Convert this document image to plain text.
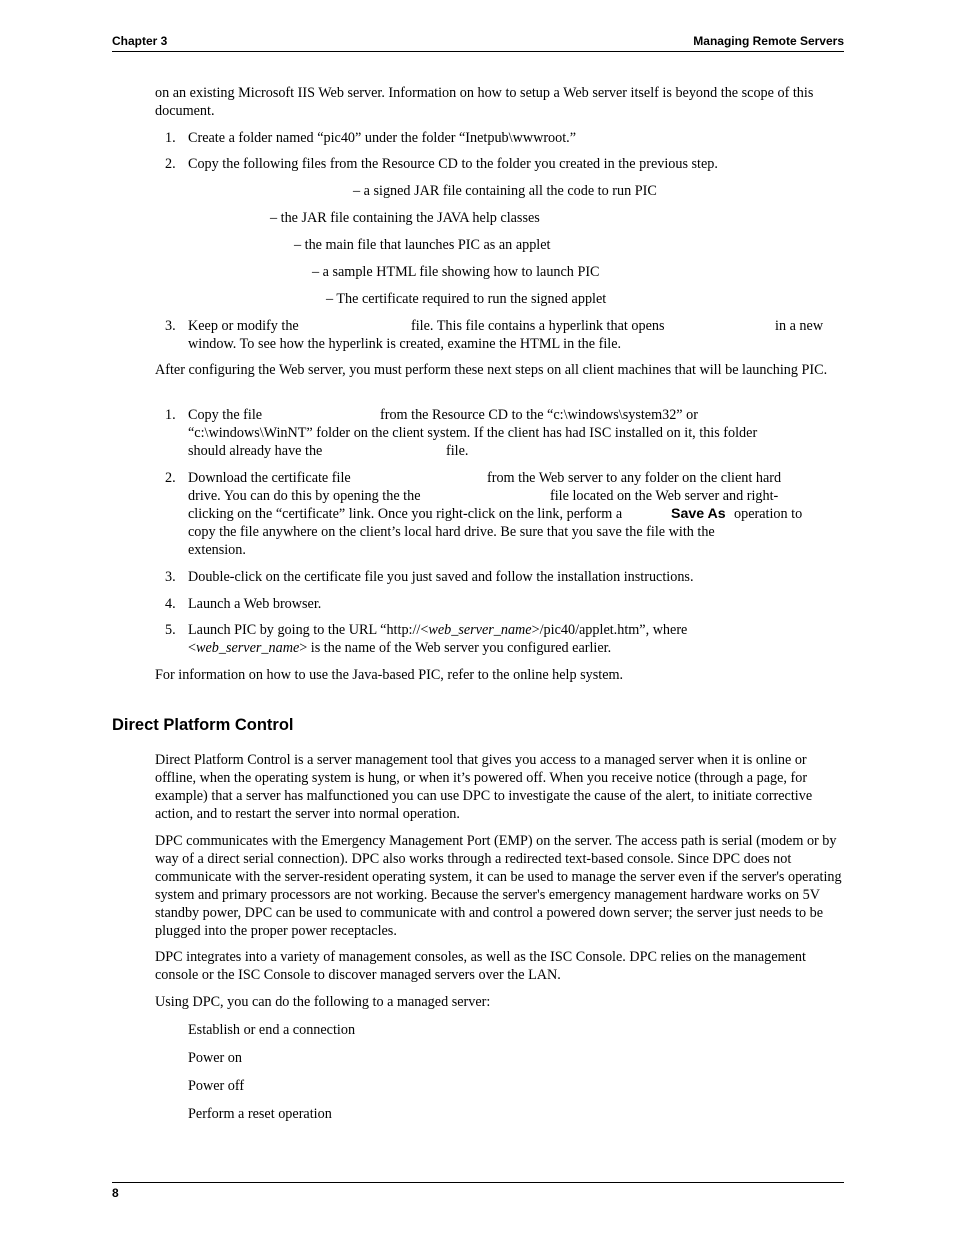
Chapter 3	Managing Remote Servers

on an existing Microsoft IIS Web server. Information on how to setup a Web server itself is beyond the scope of this document.

1. Create a folder named “pic40” under the folder “Inetpub\wwwroot.”

2. Copy the following files from the Resource CD to the folder you created in the previous step.

– a signed JAR file containing all the code to run PIC
– the JAR file containing the JAVA help classes
– the main file that launches PIC as an applet
– a sample HTML file showing how to launch PIC
– The certificate required to run the signed applet
3. Keep or modify the	file. This file contains a hyperlink that opens	in a new
window. To see how the hyperlink is created, examine the HTML in the file.

After configuring the Web server, you must perform these next steps on all client machines that will be launching PIC.

1. Copy the file	from the Resource CD to the “c:\windows\system32” or
“c:\windows\WinNT” folder on the client system. If the client has had ISC installed on it, this folder
should already have the	file.
2. Download the certificate file	from the Web server to any folder on the client hard
drive. You can do this by opening the the	file located on the Web server and right-
clicking on the “certificate” link. Once you right-click on the link, perform a	Save As operation to
copy the file anywhere on the client’s local hard drive. Be sure that you save the file with the
extension.
3. Double-click on the certificate file you just saved and follow the installation instructions.

4. Launch a Web browser.

5. Launch PIC by going to the URL “http://<web_server_name>/pic40/applet.htm”, where
<web_server_name> is the name of the Web server you configured earlier.

For information on how to use the Java-based PIC, refer to the online help system.

Direct Platform Control

Direct Platform Control is a server management tool that gives you access to a managed server when it is online or offline, when the operating system is hung, or when it’s powered off. When you receive notice (through a page, for example) that a server has malfunctioned you can use DPC to investigate the cause of the alert, to initiate corrective action, and to restart the server into normal operation.

DPC communicates with the Emergency Management Port (EMP) on the server. The access path is serial (modem or by way of a direct serial connection). DPC also works through a redirected text-based console. Since DPC does not communicate with the server-resident operating system, it can be used to manage the server even if the server's operating system and primary processors are not working. Because the server's emergency management hardware works on 5V standby power, DPC can be used to communicate with and control a powered down server; the server just needs to be plugged into the proper power receptacles.

DPC integrates into a variety of management consoles, as well as the ISC Console. DPC relies on the management console or the ISC Console to discover managed servers over the LAN.

Using DPC, you can do the following to a managed server:

Establish or end a connection
Power on
Power off
Perform a reset operation
8
